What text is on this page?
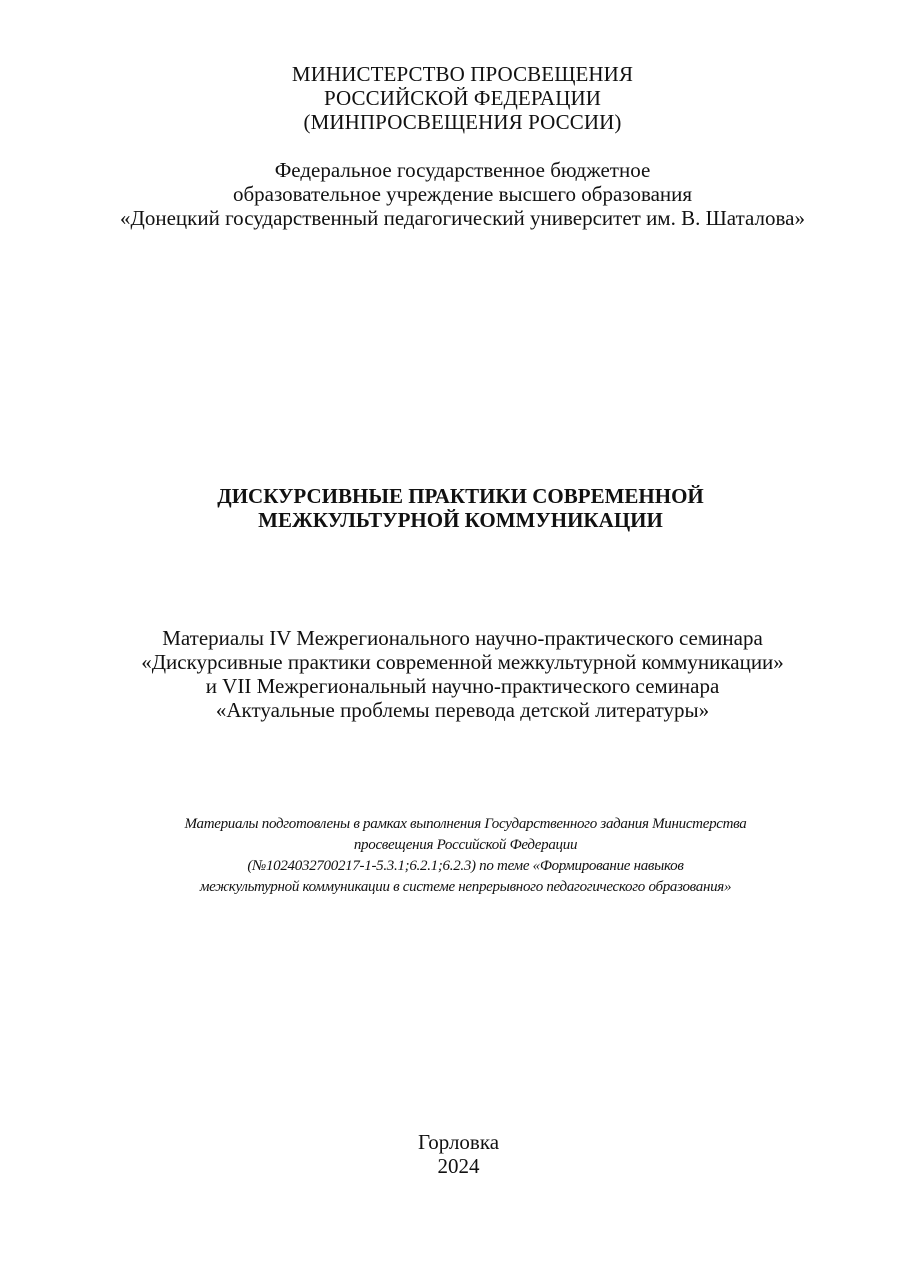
МИНИСТЕРСТВО ПРОСВЕЩЕНИЯ
РОССИЙСКОЙ ФЕДЕРАЦИИ
(МИНПРОСВЕЩЕНИЯ РОССИИ)
Федеральное государственное бюджетное
образовательное учреждение высшего образования
«Донецкий государственный педагогический университет им. В. Шаталова»
ДИСКУРСИВНЫЕ ПРАКТИКИ СОВРЕМЕННОЙ
МЕЖКУЛЬТУРНОЙ КОММУНИКАЦИИ
Материалы IV Межрегионального научно-практического семинара
«Дискурсивные практики современной межкультурной коммуникации»
и VII Межрегиональный научно-практического семинара
«Актуальные проблемы перевода детской литературы»
Материалы подготовлены в рамках выполнения Государственного задания Министерства
просвещения Российской Федерации
(№1024032700217-1-5.3.1;6.2.1;6.2.3) по теме «Формирование навыков
межкультурной коммуникации в системе непрерывного педагогического образования»
Горловка
2024
